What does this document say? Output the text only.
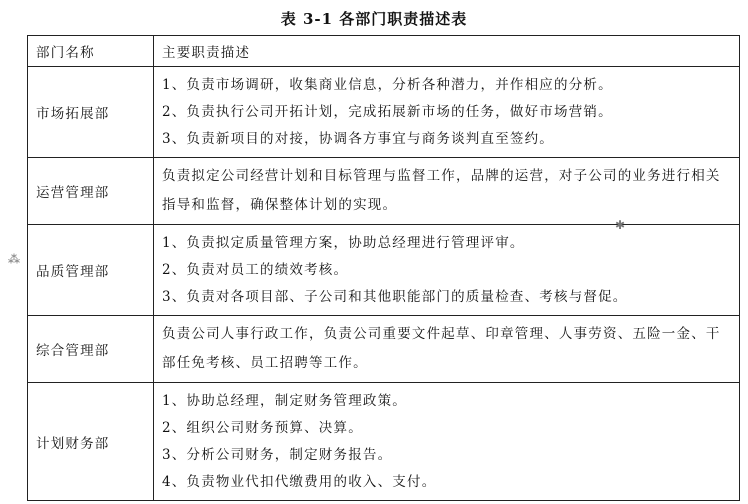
表 3-1 各部门职责描述表
部门名称	主要职责描述
市场拓展部	1、负责市场调研，收集商业信息，分析各种潜力，并作相应的分析。
2、负责执行公司开拓计划，完成拓展新市场的任务，做好市场营销。
3、负责新项目的对接，协调各方事宜与商务谈判直至签约。

运营管理部	负责拟定公司经营计划和目标管理与监督工作，品牌的运营，对子公司的业务进行相关指导和监督，确保整体计划的实现。

品质管理部	1、负责拟定质量管理方案，协助总经理进行管理评审。
2、负责对员工的绩效考核。
3、负责对各项目部、子公司和其他职能部门的质量检查、考核与督促。

综合管理部	负责公司人事行政工作，负责公司重要文件起草、印章管理、人事劳资、五险一金、干部任免考核、员工招聘等工作。

计划财务部	1、协助总经理，制定财务管理政策。
2、组织公司财务预算、决算。
3、分析公司财务，制定财务报告。
4、负责物业代扣代缴费用的收入、支付。
⁂
✱
